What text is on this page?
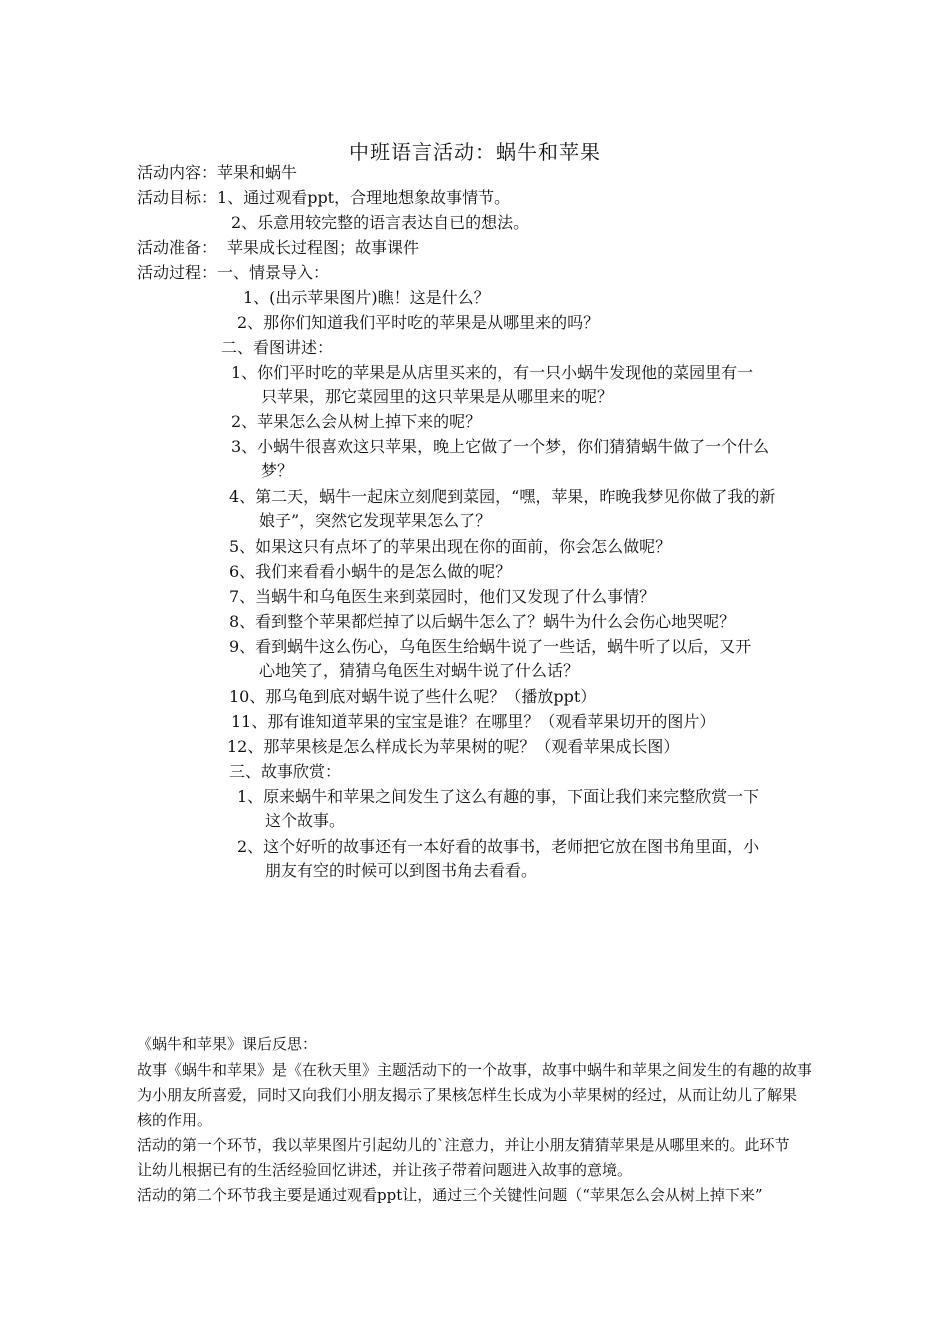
中班语言活动：蜗牛和苹果
活动内容：苹果和蜗牛
活动目标：1、通过观看ppt，合理地想象故事情节。
2、乐意用较完整的语言表达自已的想法。
活动准备： 苹果成长过程图；故事课件
活动过程：一、情景导入：
1、(出示苹果图片)瞧！这是什么？
2、那你们知道我们平时吃的苹果是从哪里来的吗？
二、看图讲述：
1、你们平时吃的苹果是从店里买来的，有一只小蜗牛发现他的菜园里有一
只苹果，那它菜园里的这只苹果是从哪里来的呢？
2、苹果怎么会从树上掉下来的呢？
3、小蜗牛很喜欢这只苹果，晚上它做了一个梦，你们猜猜蜗牛做了一个什么
梦？
4、第二天，蜗牛一起床立刻爬到菜园，“嘿，苹果，昨晚我梦见你做了我的新
娘子”，突然它发现苹果怎么了？
5、如果这只有点坏了的苹果出现在你的面前，你会怎么做呢？
6、我们来看看小蜗牛的是怎么做的呢？
7、当蜗牛和乌龟医生来到菜园时，他们又发现了什么事情？
8、看到整个苹果都烂掉了以后蜗牛怎么了？蜗牛为什么会伤心地哭呢？
9、看到蜗牛这么伤心，乌龟医生给蜗牛说了一些话，蜗牛听了以后，又开
心地笑了，猜猜乌龟医生对蜗牛说了什么话？
10、那乌龟到底对蜗牛说了些什么呢？（播放ppt）
11、那有谁知道苹果的宝宝是谁？在哪里？（观看苹果切开的图片）
12、那苹果核是怎么样成长为苹果树的呢？（观看苹果成长图）
三、故事欣赏：
1、原来蜗牛和苹果之间发生了这么有趣的事，下面让我们来完整欣赏一下
这个故事。
2、这个好听的故事还有一本好看的故事书，老师把它放在图书角里面，小
朋友有空的时候可以到图书角去看看。
《蜗牛和苹果》课后反思：
故事《蜗牛和苹果》是《在秋天里》主题活动下的一个故事，故事中蜗牛和苹果之间发生的有趣的故事
为小朋友所喜爱，同时又向我们小朋友揭示了果核怎样生长成为小苹果树的经过，从而让幼儿了解果
核的作用。
活动的第一个环节，我以苹果图片引起幼儿的`注意力，并让小朋友猜猜苹果是从哪里来的。此环节
让幼儿根据已有的生活经验回忆讲述，并让孩子带着问题进入故事的意境。
活动的第二个环节我主要是通过观看ppt让，通过三个关键性问题（“苹果怎么会从树上掉下来”
